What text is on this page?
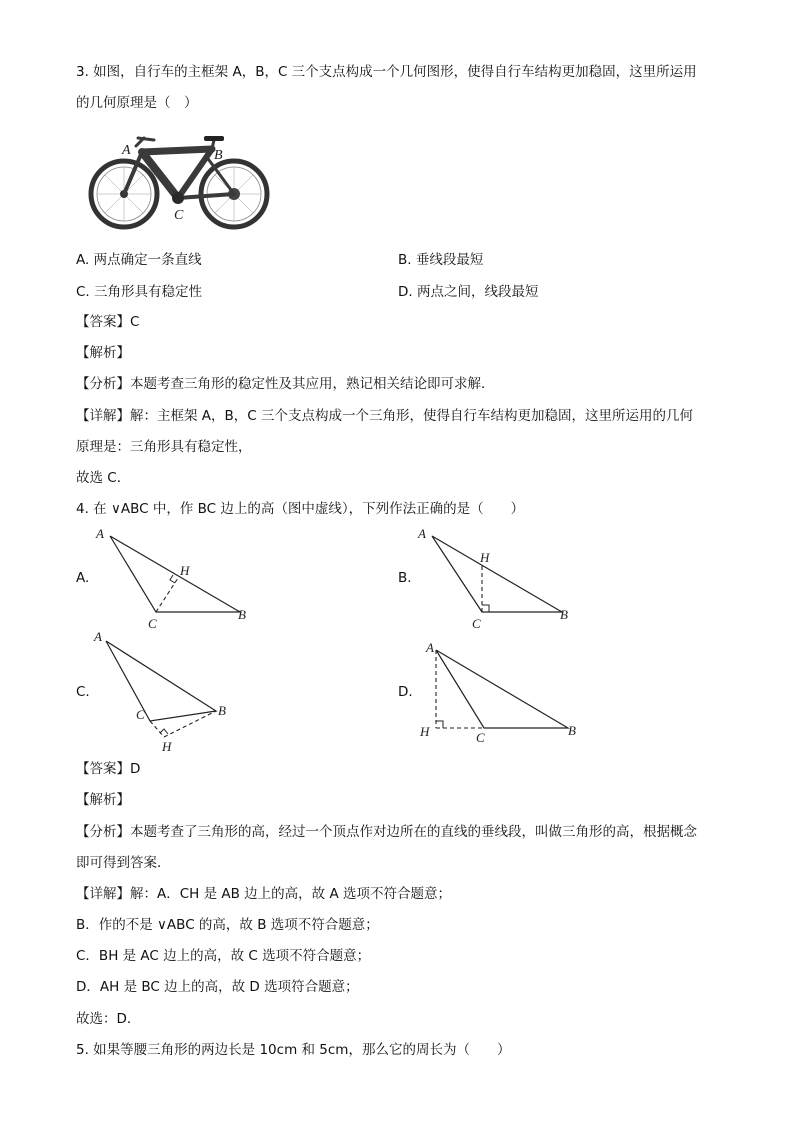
3. 如图，自行车的主框架 A，B，C 三个支点构成一个几何图形，使得自行车结构更加稳固，这里所运用
的几何原理是（　）
A	B
C
A. 两点确定一条直线	B. 垂线段最短
C. 三角形具有稳定性	D. 两点之间，线段最短
【答案】C
【解析】
【分析】本题考查三角形的稳定性及其应用，熟记相关结论即可求解．
【详解】解：主框架 A，B，C 三个支点构成一个三角形，使得自行车结构更加稳固，这里所运用的几何
原理是：三角形具有稳定性，
故选 C．
4. 在 ∨ABC 中，作 BC 边上的高（图中虚线），下列作法正确的是（　　）
A.
A
H
C
B
B.
A
H
C
B
C.
A
C	B
H
D.
A
H	C	B
【答案】D
【解析】
【分析】本题考查了三角形的高，经过一个顶点作对边所在的直线的垂线段，叫做三角形的高，根据概念
即可得到答案．
【详解】解：A．CH 是 AB 边上的高，故 A 选项不符合题意；
B．作的不是 ∨ABC 的高，故 B 选项不符合题意；
C．BH 是 AC 边上的高，故 C 选项不符合题意；
D．AH 是 BC 边上的高，故 D 选项符合题意；
故选：D．
5. 如果等腰三角形的两边长是 10cm 和 5cm，那么它的周长为（　　）
